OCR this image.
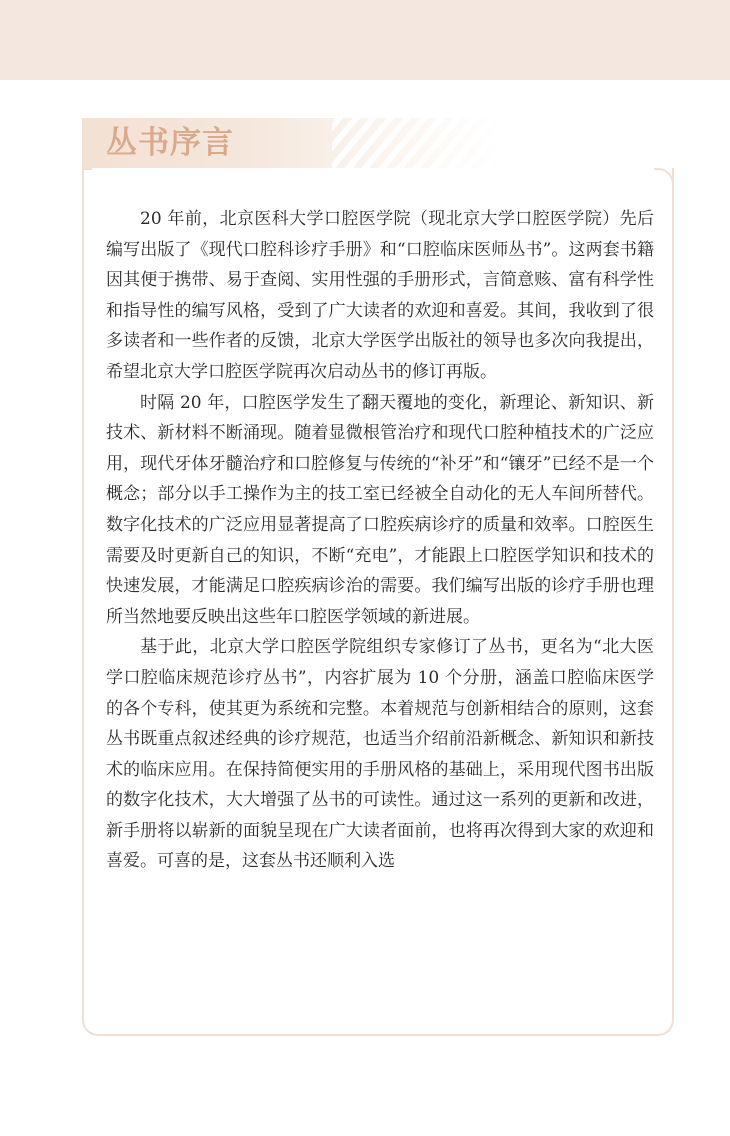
丛书序言

20 年前，北京医科大学口腔医学院（现北京大学口腔医学院）先后编写出版了《现代口腔科诊疗手册》和“口腔临床医师丛书”。这两套书籍因其便于携带、易于查阅、实用性强的手册形式，言简意赅、富有科学性和指导性的编写风格，受到了广大读者的欢迎和喜爱。其间，我收到了很多读者和一些作者的反馈，北京大学医学出版社的领导也多次向我提出，希望北京大学口腔医学院再次启动丛书的修订再版。

时隔 20 年，口腔医学发生了翻天覆地的变化，新理论、新知识、新技术、新材料不断涌现。随着显微根管治疗和现代口腔种植技术的广泛应用，现代牙体牙髓治疗和口腔修复与传统的“补牙”和“镶牙”已经不是一个概念；部分以手工操作为主的技工室已经被全自动化的无人车间所替代。数字化技术的广泛应用显著提高了口腔疾病诊疗的质量和效率。口腔医生需要及时更新自己的知识，不断“充电”，才能跟上口腔医学知识和技术的快速发展，才能满足口腔疾病诊治的需要。我们编写出版的诊疗手册也理所当然地要反映出这些年口腔医学领域的新进展。

基于此，北京大学口腔医学院组织专家修订了丛书，更名为“北大医学口腔临床规范诊疗丛书”，内容扩展为 10 个分册，涵盖口腔临床医学的各个专科，使其更为系统和完整。本着规范与创新相结合的原则，这套丛书既重点叙述经典的诊疗规范，也适当介绍前沿新概念、新知识和新技术的临床应用。在保持简便实用的手册风格的基础上，采用现代图书出版的数字化技术，大大增强了丛书的可读性。通过这一系列的更新和改进，新手册将以崭新的面貌呈现在广大读者面前，也将再次得到大家的欢迎和喜爱。可喜的是，这套丛书还顺利入选
